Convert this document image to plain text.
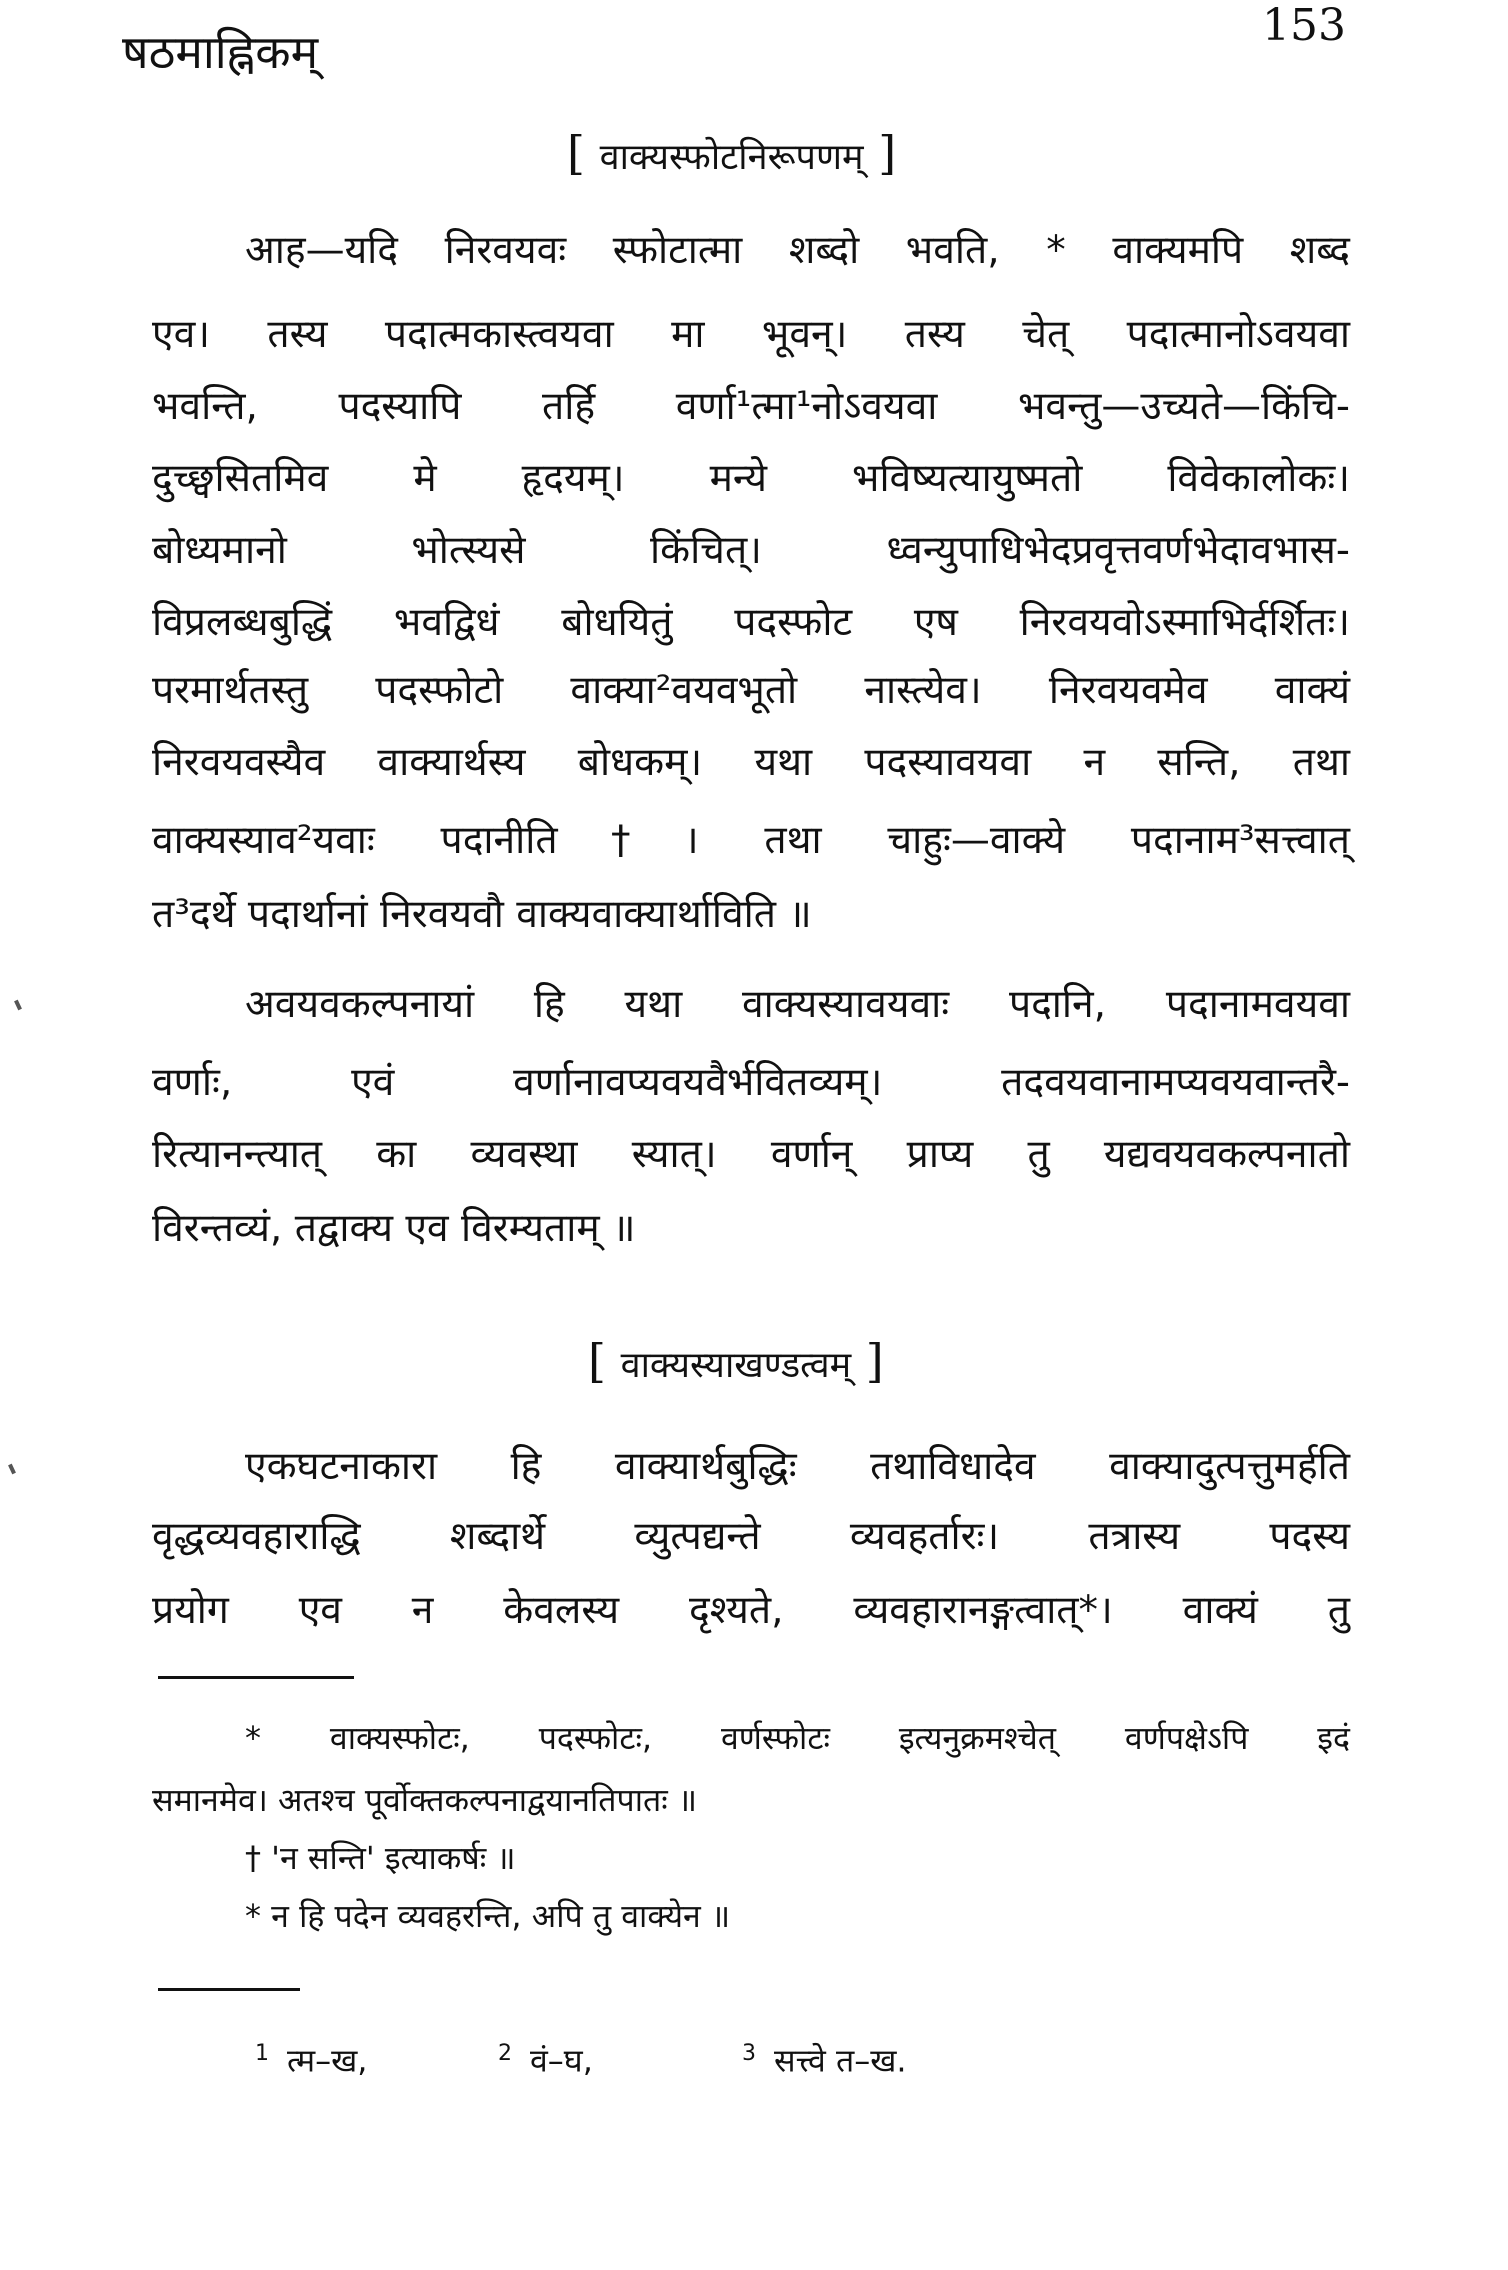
षठमाह्निकम्	153
[ वाक्यस्फोटनिरूपणम् ]
आह—यदि निरवयवः स्फोटात्मा शब्दो भवति, * वाक्यमपि शब्द
एव। तस्य पदात्मकास्त्वयवा मा भूवन्। तस्य चेत् पदात्मानोऽवयवा
भवन्ति, पदस्यापि तर्हि वर्णा¹त्मा¹नोऽवयवा भवन्तु—उच्यते—किंचि-
दुच्छ्वसितमिव मे हृदयम्। मन्ये भविष्यत्यायुष्मतो विवेकालोकः।
बोध्यमानो भोत्स्यसे किंचित्। ध्वन्युपाधिभेदप्रवृत्तवर्णभेदावभास-
विप्रलब्धबुद्धिं भवद्विधं बोधयितुं पदस्फोट एष निरवयवोऽस्माभिर्दर्शितः।
परमार्थतस्तु पदस्फोटो वाक्या²वयवभूतो नास्त्येव। निरवयवमेव वाक्यं
निरवयवस्यैव वाक्यार्थस्य बोधकम्। यथा पदस्यावयवा न सन्ति, तथा
वाक्यस्याव²यवाः पदानीति†। तथा चाहुः—वाक्ये पदानाम³सत्त्वात्
त³दर्थे पदार्थानां निरवयवौ वाक्यवाक्यार्थाविति ॥
अवयवकल्पनायां हि यथा वाक्यस्यावयवाः पदानि, पदानामवयवा
वर्णाः, एवं वर्णानावप्यवयवैर्भवितव्यम्। तदवयवानामप्यवयवान्तरै-
रित्यानन्त्यात् का व्यवस्था स्यात्। वर्णान् प्राप्य तु यद्यवयवकल्पनातो
विरन्तव्यं, तद्वाक्य एव विरम्यताम् ॥
[ वाक्यस्याखण्डत्वम् ]
एकघटनाकारा हि वाक्यार्थबुद्धिः तथाविधादेव वाक्यादुत्पत्तुमर्हति
वृद्धव्यवहाराद्धि शब्दार्थे व्युत्पद्यन्ते व्यवहर्तारः। तत्रास्य पदस्य
प्रयोग एव न केवलस्य दृश्यते, व्यवहारानङ्गत्वात्*। वाक्यं तु
* वाक्यस्फोटः, पदस्फोटः, वर्णस्फोटः इत्यनुक्रमश्चेत् वर्णपक्षेऽपि इदं
समानमेव। अतश्च पूर्वोक्तकल्पनाद्वयानतिपातः ॥
† 'न सन्ति' इत्याकर्षः ॥
* न हि पदेन व्यवहरन्ति, अपि तु वाक्येन ॥
$^1$ त्म–ख,	$^2$ वं–घ,	$^3$ सत्त्वे त–ख.
